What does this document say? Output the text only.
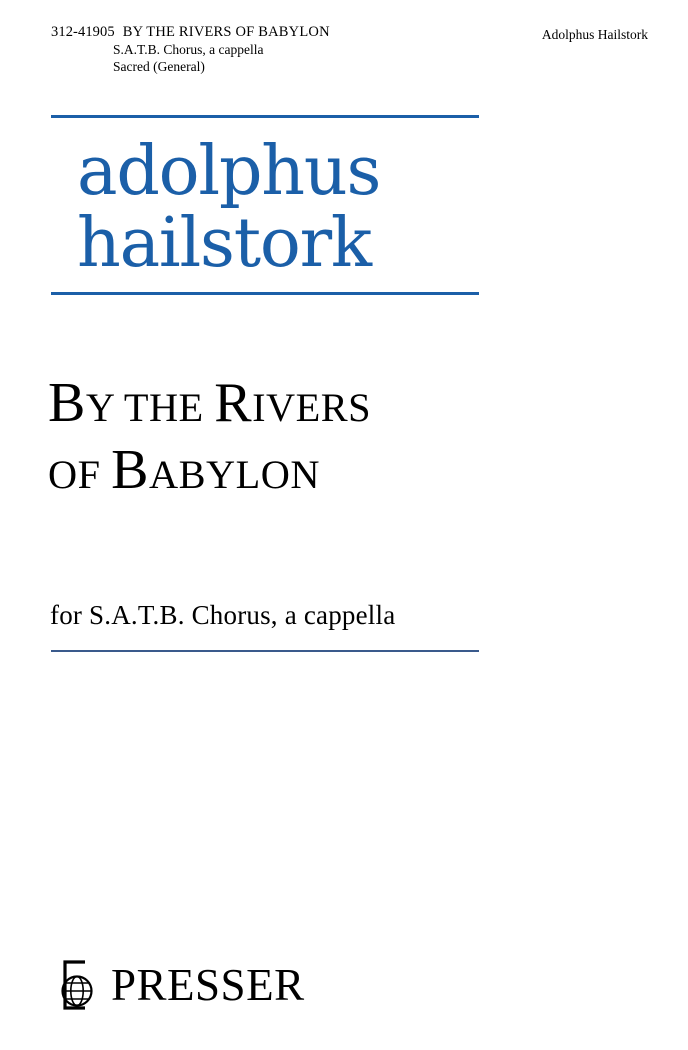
312-41905 BY THE RIVERS OF BABYLON
S.A.T.B. Chorus, a cappella
Sacred (General)
Adolphus Hailstork
adolphus
hailstork
BY THE RIVERS
OF BABYLON
for S.A.T.B. Chorus, a cappella
PRESSER
